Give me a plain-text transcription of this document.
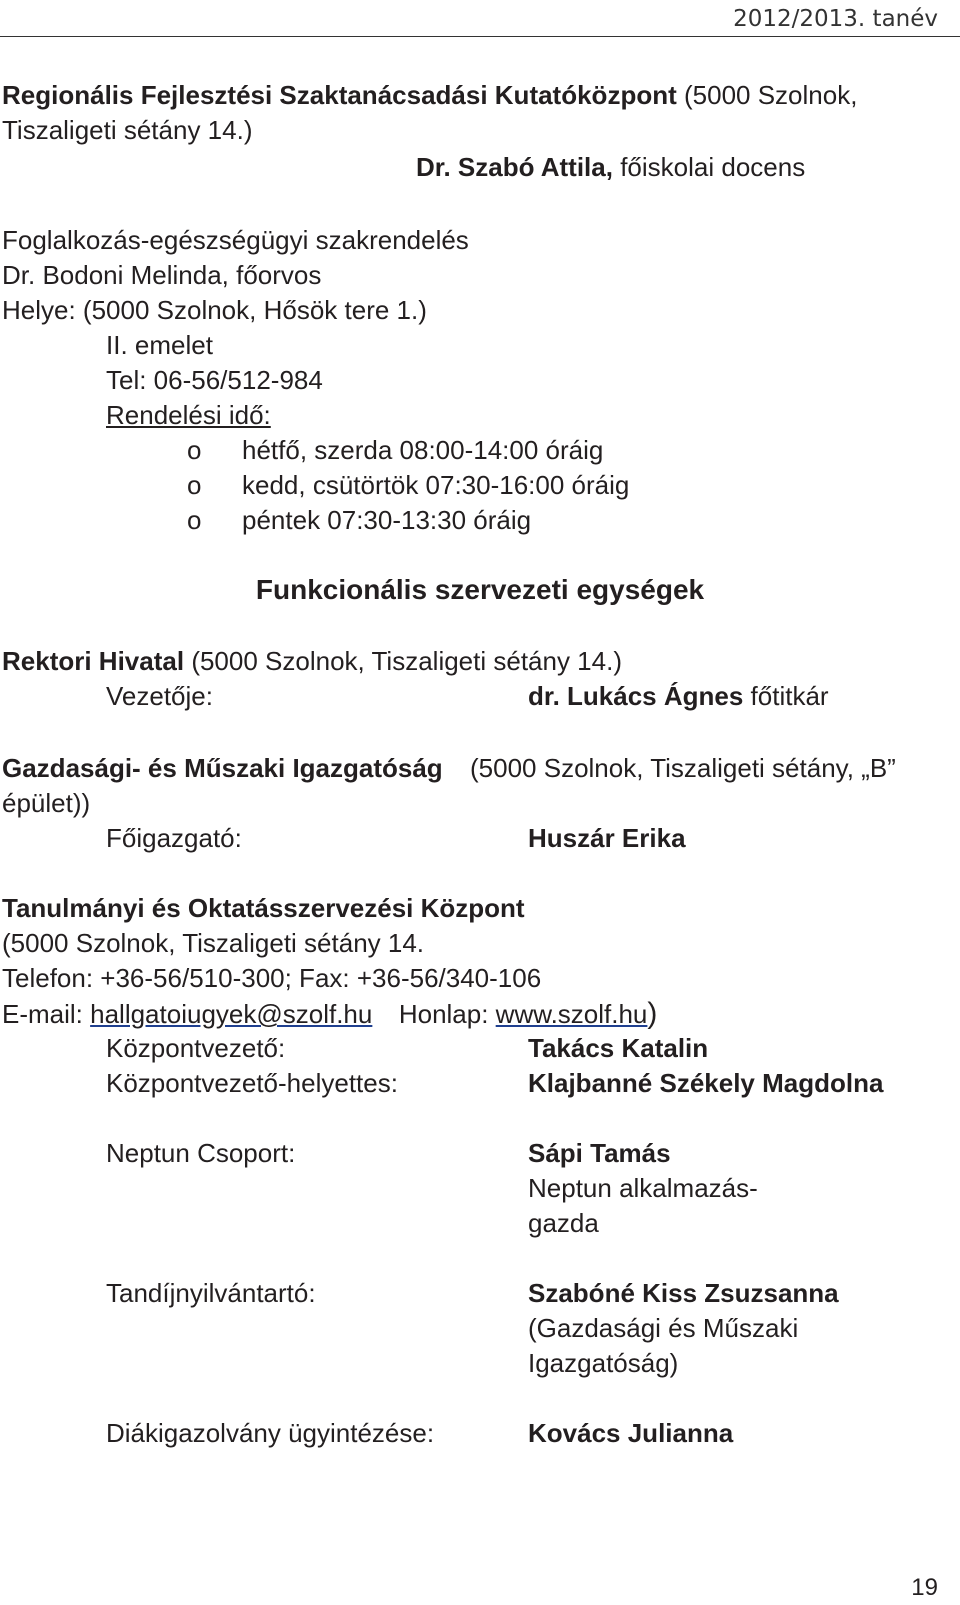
2012/2013. tanév
Regionális Fejlesztési Szaktanácsadási Kutatóközpont (5000 Szolnok,
Tiszaligeti sétány 14.)
Dr. Szabó Attila, főiskolai docens
Foglalkozás-egészségügyi szakrendelés
Dr. Bodoni Melinda, főorvos
Helye: (5000 Szolnok, Hősök tere 1.)
II. emelet
Tel: 06-56/512-984
Rendelési idő:
o hétfő, szerda 08:00-14:00 óráig
o kedd, csütörtök 07:30-16:00 óráig
o péntek 07:30-13:30 óráig
Funkcionális szervezeti egységek
Rektori Hivatal (5000 Szolnok, Tiszaligeti sétány 14.)
Vezetője:	dr. Lukács Ágnes főtitkár
Gazdasági- és Műszaki Igazgatóság (5000 Szolnok, Tiszaligeti sétány, „B”
épület))
Főigazgató:	Huszár Erika
Tanulmányi és Oktatásszervezési Központ
(5000 Szolnok, Tiszaligeti sétány 14.
Telefon: +36-56/510-300; Fax: +36-56/340-106
E-mail: hallgatoiugyek@szolf.hu Honlap: www.szolf.hu)
Központvezető:	Takács Katalin
Központvezető-helyettes:	Klajbanné Székely Magdolna
Neptun Csoport:	Sápi Tamás
Neptun alkalmazás-
gazda
Tandíjnyilvántartó:	Szabóné Kiss Zsuzsanna
(Gazdasági és Műszaki
Igazgatóság)
Diákigazolvány ügyintézése:	Kovács Julianna
19
